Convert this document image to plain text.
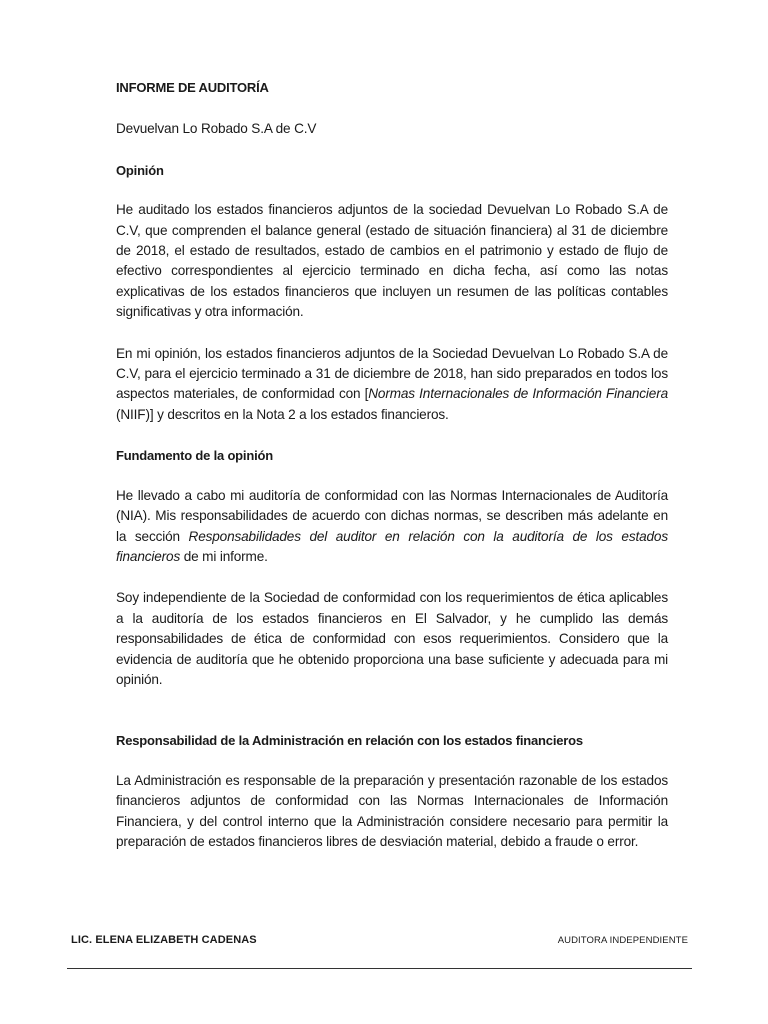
INFORME DE AUDITORÍA

Devuelvan Lo Robado S.A de C.V

Opinión

He auditado los estados financieros adjuntos de la sociedad Devuelvan Lo Robado S.A de C.V, que comprenden el balance general (estado de situación financiera) al 31 de diciembre de 2018, el estado de resultados, estado de cambios en el patrimonio y estado de flujo de efectivo correspondientes al ejercicio terminado en dicha fecha, así como las notas explicativas de los estados financieros que incluyen un resumen de las políticas contables significativas y otra información.

En mi opinión, los estados financieros adjuntos de la Sociedad Devuelvan Lo Robado S.A de C.V, para el ejercicio terminado a 31 de diciembre de 2018, han sido preparados en todos los aspectos materiales, de conformidad con [Normas Internacionales de Información Financiera (NIIF)] y descritos en la Nota 2 a los estados financieros.

Fundamento de la opinión

He llevado a cabo mi auditoría de conformidad con las Normas Internacionales de Auditoría (NIA). Mis responsabilidades de acuerdo con dichas normas, se describen más adelante en la sección Responsabilidades del auditor en relación con la auditoría de los estados financieros de mi informe.

Soy independiente de la Sociedad de conformidad con los requerimientos de ética aplicables a la auditoría de los estados financieros en El Salvador, y he cumplido las demás responsabilidades de ética de conformidad con esos requerimientos. Considero que la evidencia de auditoría que he obtenido proporciona una base suficiente y adecuada para mi opinión.

Responsabilidad de la Administración en relación con los estados financieros

La Administración es responsable de la preparación y presentación razonable de los estados financieros adjuntos de conformidad con las Normas Internacionales de Información Financiera, y del control interno que la Administración considere necesario para permitir la preparación de estados financieros libres de desviación material, debido a fraude o error.

LIC. ELENA ELIZABETH CADENAS	AUDITORA INDEPENDIENTE
